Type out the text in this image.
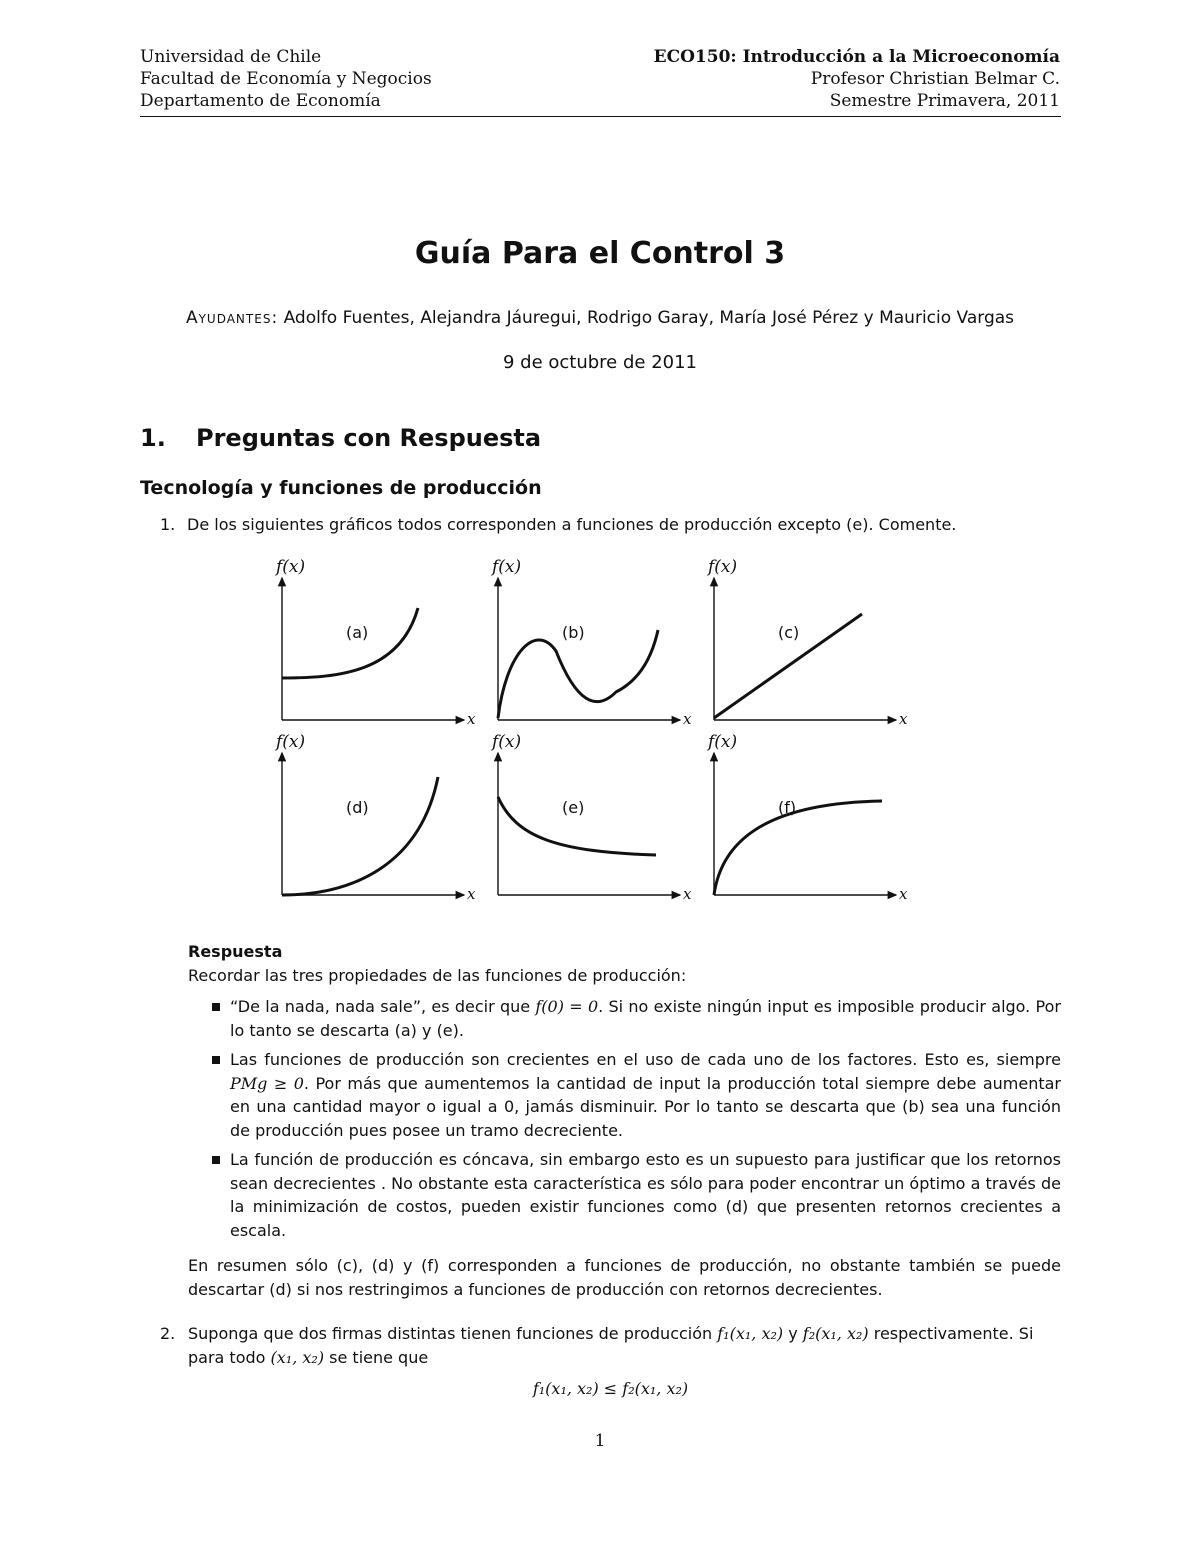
Universidad de Chile
Facultad de Economía y Negocios
Departamento de Economía
ECO150: Introducción a la Microeconomía
Profesor Christian Belmar C.
Semestre Primavera, 2011
Guía Para el Control 3
Ayudantes: Adolfo Fuentes, Alejandra Jáuregui, Rodrigo Garay, María José Pérez y Mauricio Vargas
9 de octubre de 2011
1. Preguntas con Respuesta
Tecnología y funciones de producción
1. De los siguientes gráficos todos corresponden a funciones de producción excepto (e). Comente.
f(x)
x
(a)
f(x)
x
(b)
f(x)
x
(c)
f(x)
x
(d)
f(x)
x
(e)
f(x)
x
(f)
Respuesta
Recordar las tres propiedades de las funciones de producción:
“De la nada, nada sale”, es decir que f(0) = 0. Si no existe ningún input es imposible producir algo. Por lo tanto se descarta (a) y (e).
Las funciones de producción son crecientes en el uso de cada uno de los factores. Esto es, siempre PMg ≥ 0. Por más que aumentemos la cantidad de input la producción total siempre debe aumentar en una cantidad mayor o igual a 0, jamás disminuir. Por lo tanto se descarta que (b) sea una función de producción pues posee un tramo decreciente.
La función de producción es cóncava, sin embargo esto es un supuesto para justificar que los retornos sean decrecientes . No obstante esta característica es sólo para poder encontrar un óptimo a través de la minimización de costos, pueden existir funciones como (d) que presenten retornos crecientes a escala.
En resumen sólo (c), (d) y (f) corresponden a funciones de producción, no obstante también se puede descartar (d) si nos restringimos a funciones de producción con retornos decrecientes.
2. Suponga que dos firmas distintas tienen funciones de producción f₁(x₁, x₂) y f₂(x₁, x₂) respectivamente. Si para todo (x₁, x₂) se tiene que
f₁(x₁, x₂) ≤ f₂(x₁, x₂)
1
